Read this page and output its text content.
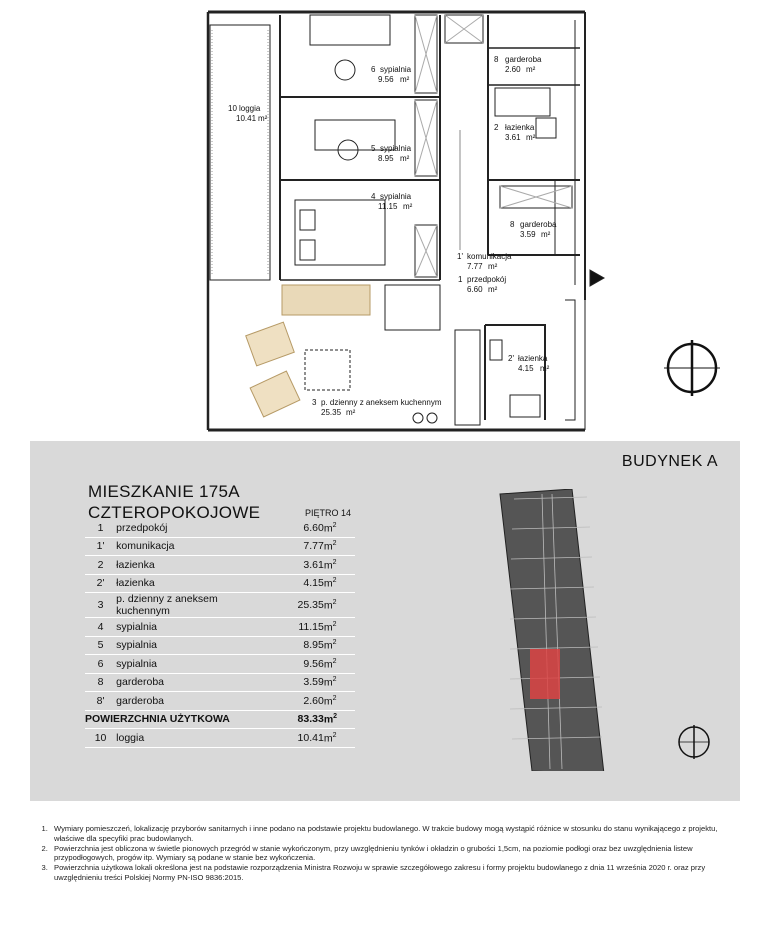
6 sypialnia
9.56 m²
5 sypialnia
8.95 m²
4 sypialnia
11.15 m²
10 loggia
10.41 m²
8 garderoba
2.60 m²
2 łazienka
3.61 m²
8 garderoba
3.59 m²
1' komunikacja
7.77 m²
1 przedpokój
6.60 m²
2' łazienka
4.15 m²
3 p. dzienny z aneksem kuchennym
25.35 m²
BUDYNEK A
MIESZKANIE 175A
CZTEROPOKOJOWE	PIĘTRO 14
1	przedpokój	6.60	$m^2$
1'	komunikacja	7.77	$m^2$
2	łazienka	3.61	$m^2$
2'	łazienka	4.15	$m^2$
3	p. dzienny z aneksem kuchennym	25.35	$m^2$
4	sypialnia	11.15	$m^2$
5	sypialnia	8.95	$m^2$
6	sypialnia	9.56	$m^2$
8	garderoba	3.59	$m^2$
8'	garderoba	2.60	$m^2$
POWIERZCHNIA UŻYTKOWA		83.33	$m^2$
10	loggia	10.41	$m^2$
1. Wymiary pomieszczeń, lokalizację przyborów sanitarnych i inne podano na podstawie projektu budowlanego. W trakcie budowy mogą wystąpić różnice w stosunku do stanu wynikającego z projektu, właściwe dla specyfiki prac budowlanych.
2. Powierzchnia jest obliczona w świetle pionowych przegród w stanie wykończonym, przy uwzględnieniu tynków i okładzin o grubości 1,5cm, na poziomie podłogi oraz bez uwzględnienia listew przypodłogowych, progów itp. Wymiary są podane w stanie bez wykończenia.
3. Powierzchnia użytkowa lokali określona jest na podstawie rozporządzenia Ministra Rozwoju w sprawie szczegółowego zakresu i formy projektu budowlanego z dnia 11 września 2020 r. oraz przy uwzględnieniu treści Polskiej Normy PN-ISO 9836:2015.
